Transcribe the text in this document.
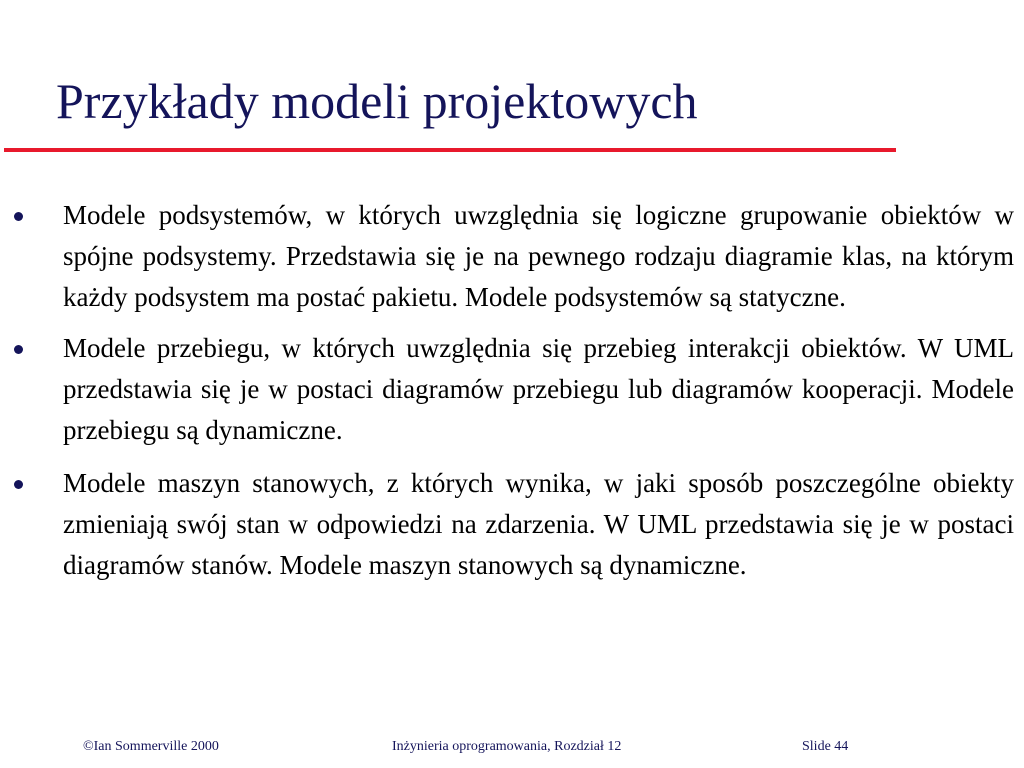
Przykłady modeli projektowych
Modele podsystemów, w których uwzględnia się logiczne grupowanie obiektów w spójne podsystemy. Przedstawia się je na pewnego rodzaju diagramie klas, na którym każdy podsystem ma postać pakietu. Modele podsystemów są statyczne.
Modele przebiegu, w których uwzględnia się przebieg interakcji obiektów. W UML przedstawia się je w postaci diagramów przebiegu lub diagramów kooperacji. Modele przebiegu są dynamiczne.
Modele maszyn stanowych, z których wynika, w jaki sposób poszczególne obiekty zmieniają swój stan w odpowiedzi na zdarzenia. W UML przedstawia się je w postaci diagramów stanów. Modele maszyn stanowych są dynamiczne.
©Ian Sommerville 2000	Inżynieria oprogramowania, Rozdział 12	Slide 44
